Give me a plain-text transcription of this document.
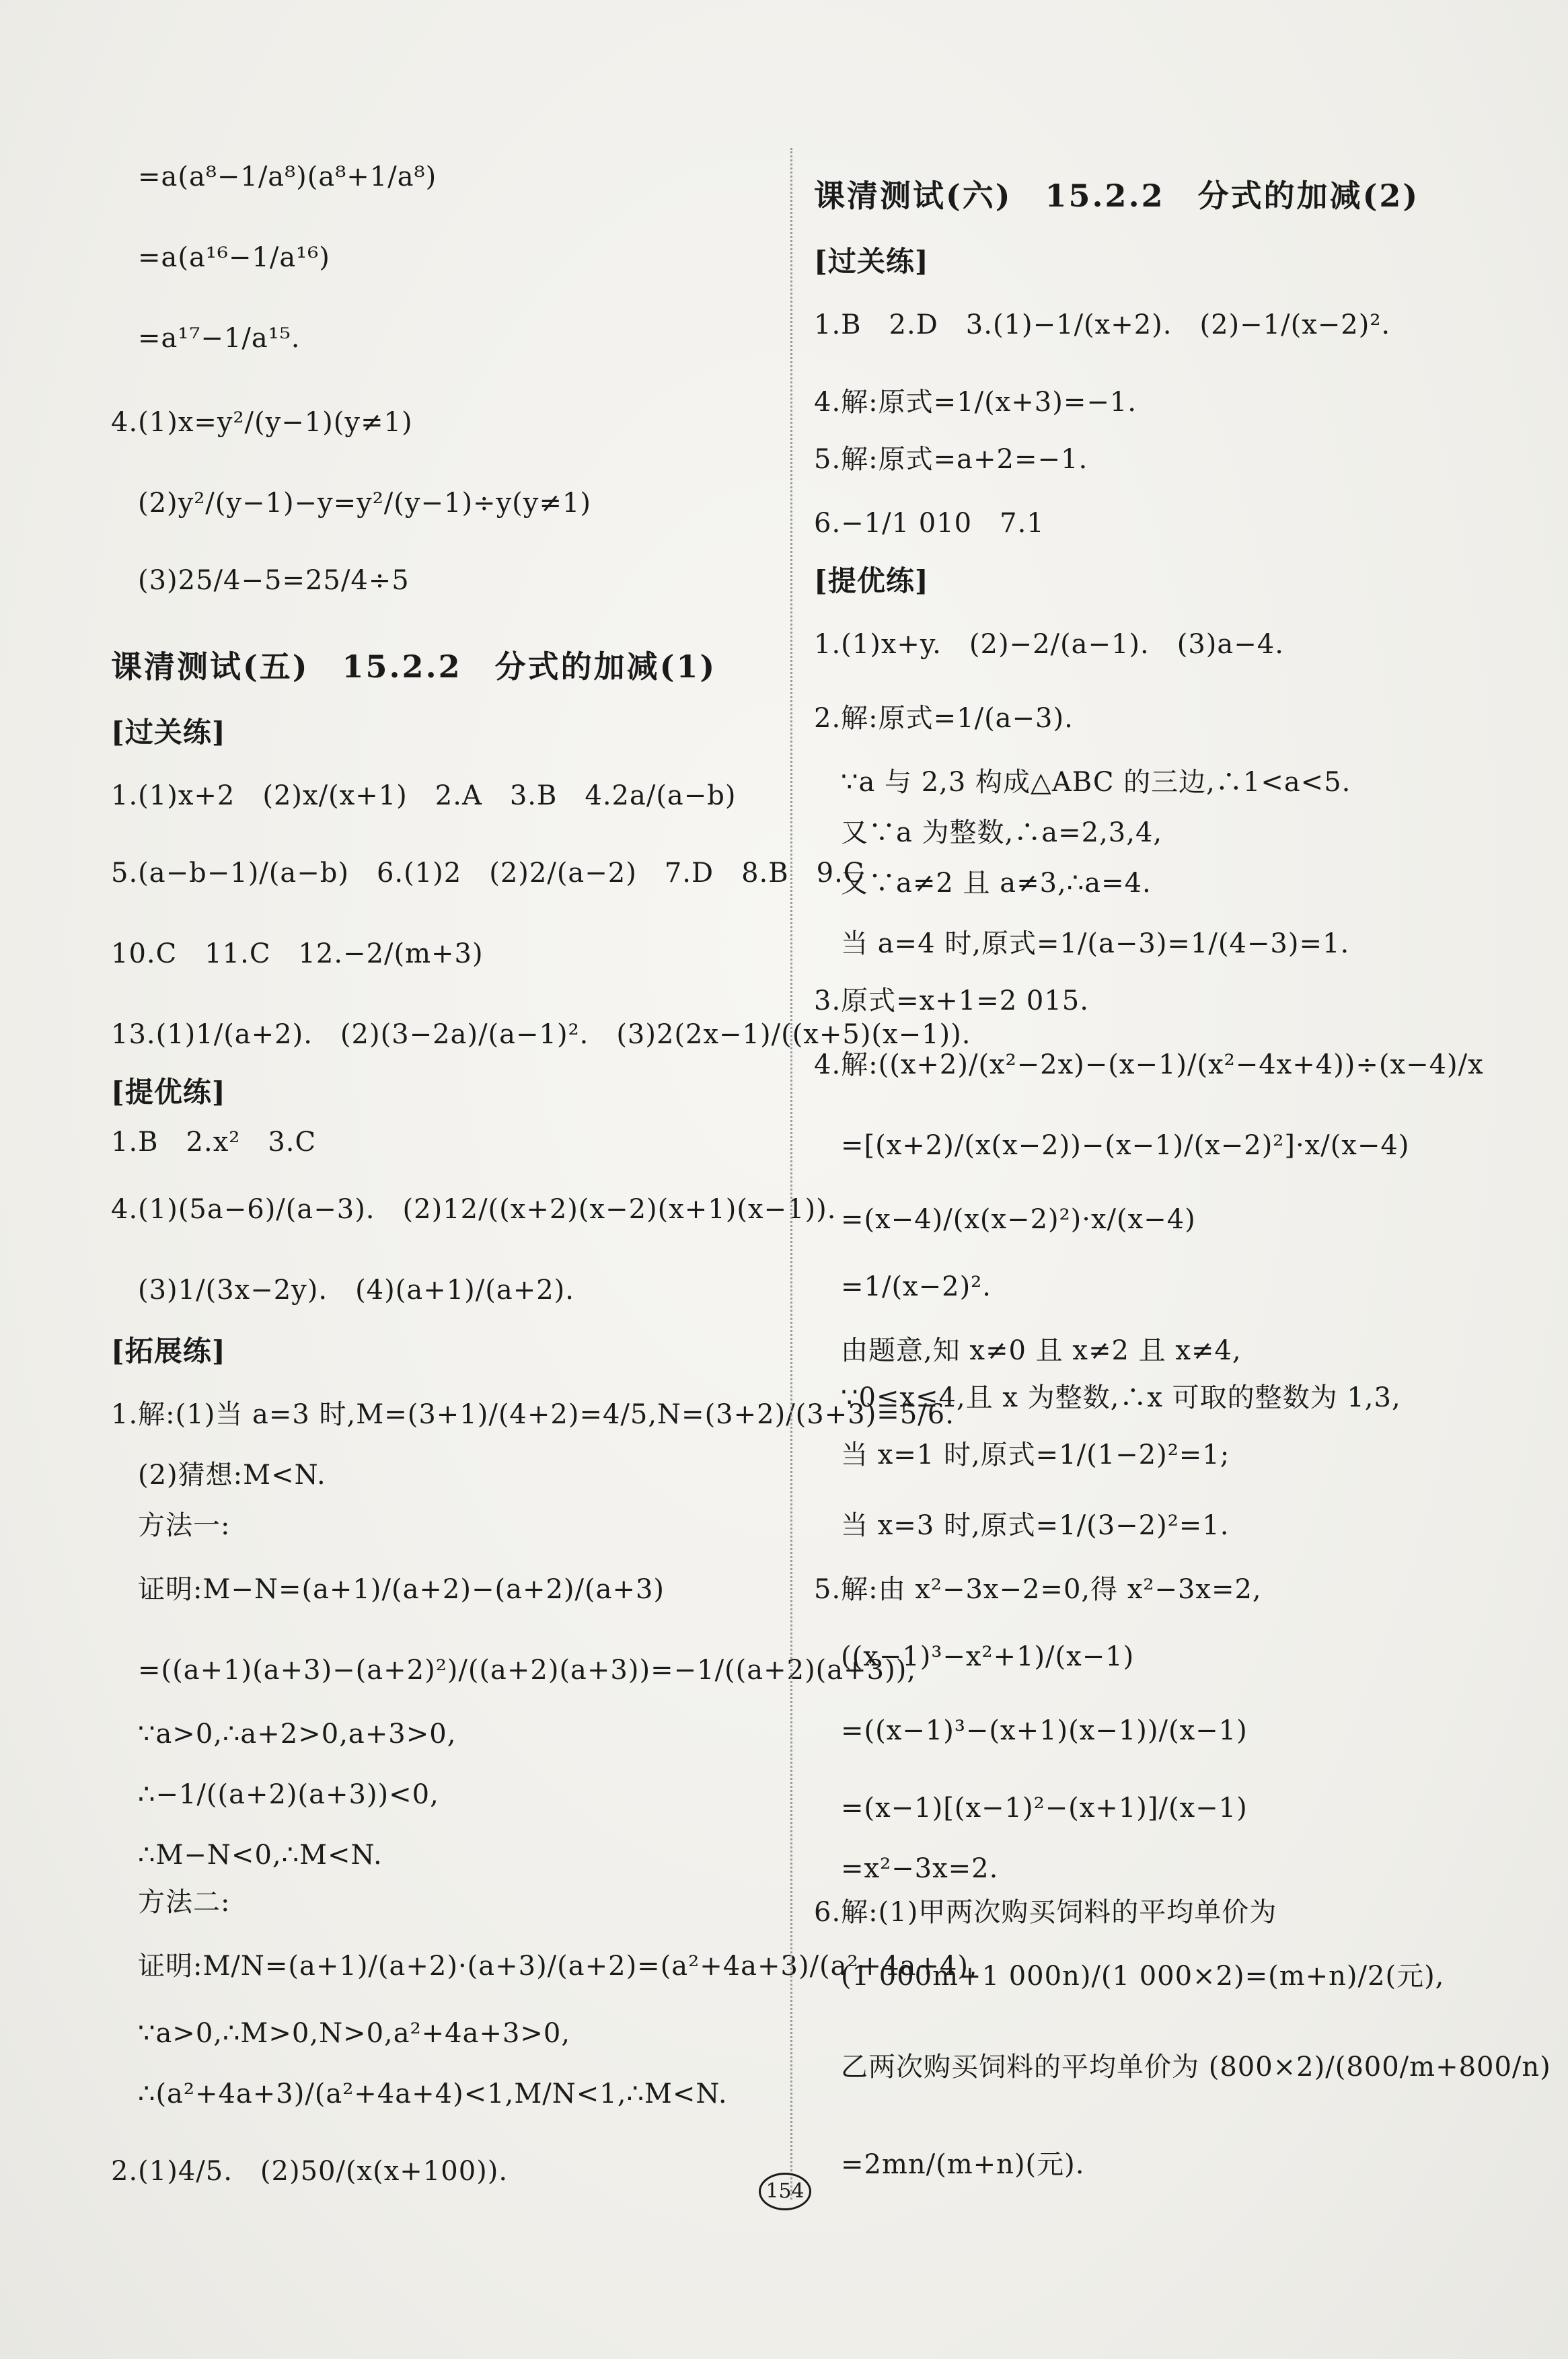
=a(a⁸−1/a⁸)(a⁸+1/a⁸)
=a(a¹⁶−1/a¹⁶)
=a¹⁷−1/a¹⁵.
4.(1)x=y²/(y−1)(y≠1)
(2)y²/(y−1)−y=y²/(y−1)÷y(y≠1)
(3)25/4−5=25/4÷5
课清测试(五)　15.2.2　分式的加减(1)
[过关练]
1.(1)x+2　(2)x/(x+1)　2.A　3.B　4.2a/(a−b)
5.(a−b−1)/(a−b)　6.(1)2　(2)2/(a−2)　7.D　8.B　9.C
10.C　11.C　12.−2/(m+3)
13.(1)1/(a+2).　(2)(3−2a)/(a−1)².　(3)2(2x−1)/((x+5)(x−1)).
[提优练]
1.B　2.x²　3.C
4.(1)(5a−6)/(a−3).　(2)12/((x+2)(x−2)(x+1)(x−1)).
(3)1/(3x−2y).　(4)(a+1)/(a+2).
[拓展练]
1.解:(1)当 a=3 时,M=(3+1)/(4+2)=4/5,N=(3+2)/(3+3)=5/6.
(2)猜想:M<N.
方法一:
证明:M−N=(a+1)/(a+2)−(a+2)/(a+3)
=((a+1)(a+3)−(a+2)²)/((a+2)(a+3))=−1/((a+2)(a+3)),
∵a>0,∴a+2>0,a+3>0,
∴−1/((a+2)(a+3))<0,
∴M−N<0,∴M<N.
方法二:
证明:M/N=(a+1)/(a+2)·(a+3)/(a+2)=(a²+4a+3)/(a²+4a+4),
∵a>0,∴M>0,N>0,a²+4a+3>0,
∴(a²+4a+3)/(a²+4a+4)<1,M/N<1,∴M<N.
2.(1)4/5.　(2)50/(x(x+100)).
课清测试(六)　15.2.2　分式的加减(2)
[过关练]
1.B　2.D　3.(1)−1/(x+2).　(2)−1/(x−2)².
4.解:原式=1/(x+3)=−1.
5.解:原式=a+2=−1.
6.−1/1 010　7.1
[提优练]
1.(1)x+y.　(2)−2/(a−1).　(3)a−4.
2.解:原式=1/(a−3).
∵a 与 2,3 构成△ABC 的三边,∴1<a<5.
又∵a 为整数,∴a=2,3,4,
又∵a≠2 且 a≠3,∴a=4.
当 a=4 时,原式=1/(a−3)=1/(4−3)=1.
3.原式=x+1=2 015.
4.解:((x+2)/(x²−2x)−(x−1)/(x²−4x+4))÷(x−4)/x
=[(x+2)/(x(x−2))−(x−1)/(x−2)²]·x/(x−4)
=(x−4)/(x(x−2)²)·x/(x−4)
=1/(x−2)².
由题意,知 x≠0 且 x≠2 且 x≠4,
∵0≤x≤4,且 x 为整数,∴x 可取的整数为 1,3,
当 x=1 时,原式=1/(1−2)²=1;
当 x=3 时,原式=1/(3−2)²=1.
5.解:由 x²−3x−2=0,得 x²−3x=2,
((x−1)³−x²+1)/(x−1)
=((x−1)³−(x+1)(x−1))/(x−1)
=(x−1)[(x−1)²−(x+1)]/(x−1)
=x²−3x=2.
6.解:(1)甲两次购买饲料的平均单价为
(1 000m+1 000n)/(1 000×2)=(m+n)/2(元),
乙两次购买饲料的平均单价为 (800×2)/(800/m+800/n)
=2mn/(m+n)(元).
154
